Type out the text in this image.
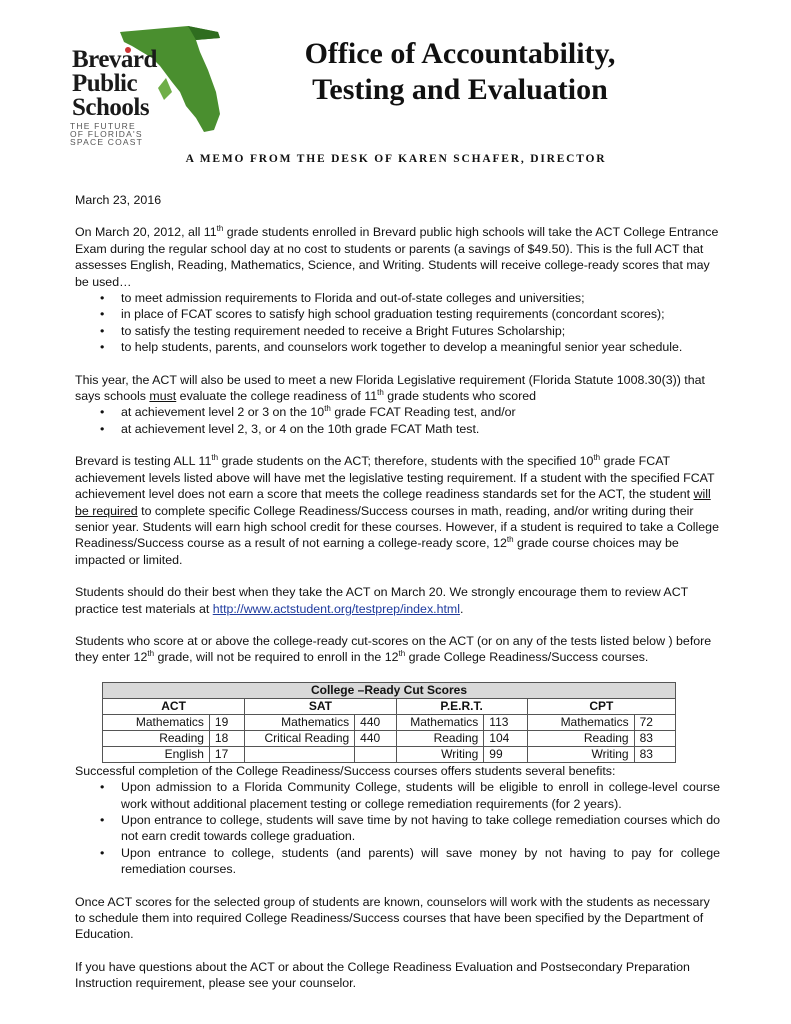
Brevard
Public
Schools
THE FUTURE
OF FLORIDA'S
SPACE COAST
Office of Accountability,
Testing and Evaluation
A MEMO FROM THE DESK OF KAREN SCHAFER, DIRECTOR

March 23, 2016

On March 20, 2012, all 11th grade students enrolled in Brevard public high schools will take the ACT College Entrance Exam during the regular school day at no cost to students or parents (a savings of $49.50). This is the full ACT that assesses English, Reading, Mathematics, Science, and Writing. Students will receive college-ready scores that may be used…

• to meet admission requirements to Florida and out-of-state colleges and universities;
• in place of FCAT scores to satisfy high school graduation testing requirements (concordant scores);
• to satisfy the testing requirement needed to receive a Bright Futures Scholarship;
• to help students, parents, and counselors work together to develop a meaningful senior year schedule.

This year, the ACT will also be used to meet a new Florida Legislative requirement (Florida Statute 1008.30(3)) that says schools must evaluate the college readiness of 11th grade students who scored

• at achievement level 2 or 3 on the 10th grade FCAT Reading test, and/or
• at achievement level 2, 3, or 4 on the 10th grade FCAT Math test.

Brevard is testing ALL 11th grade students on the ACT; therefore, students with the specified 10th grade FCAT achievement levels listed above will have met the legislative testing requirement. If a student with the specified FCAT achievement level does not earn a score that meets the college readiness standards set for the ACT, the student will be required to complete specific College Readiness/Success courses in math, reading, and/or writing during their senior year. Students will earn high school credit for these courses. However, if a student is required to take a College Readiness/Success course as a result of not earning a college-ready score, 12th grade course choices may be impacted or limited.

Students should do their best when they take the ACT on March 20. We strongly encourage them to review ACT practice test materials at http://www.actstudent.org/testprep/index.html.

Students who score at or above the college-ready cut-scores on the ACT (or on any of the tests listed below ) before they enter 12th grade, will not be required to enroll in the 12th grade College Readiness/Success courses.

College –Ready Cut Scores							
ACT		SAT		P.E.R.T.		CPT	
Mathematics	19	Mathematics	440	Mathematics	113	Mathematics	72
Reading	18	Critical Reading	440	Reading	104	Reading	83
English	17			Writing	99	Writing	83

Successful completion of the College Readiness/Success courses offers students several benefits:

• Upon admission to a Florida Community College, students will be eligible to enroll in college-level course work without additional placement testing or college remediation requirements (for 2 years).
• Upon entrance to college, students will save time by not having to take college remediation courses which do not earn credit towards college graduation.
• Upon entrance to college, students (and parents) will save money by not having to pay for college remediation courses.

Once ACT scores for the selected group of students are known, counselors will work with the students as necessary to schedule them into required College Readiness/Success courses that have been specified by the Department of Education.

If you have questions about the ACT or about the College Readiness Evaluation and Postsecondary Preparation Instruction requirement, please see your counselor.
